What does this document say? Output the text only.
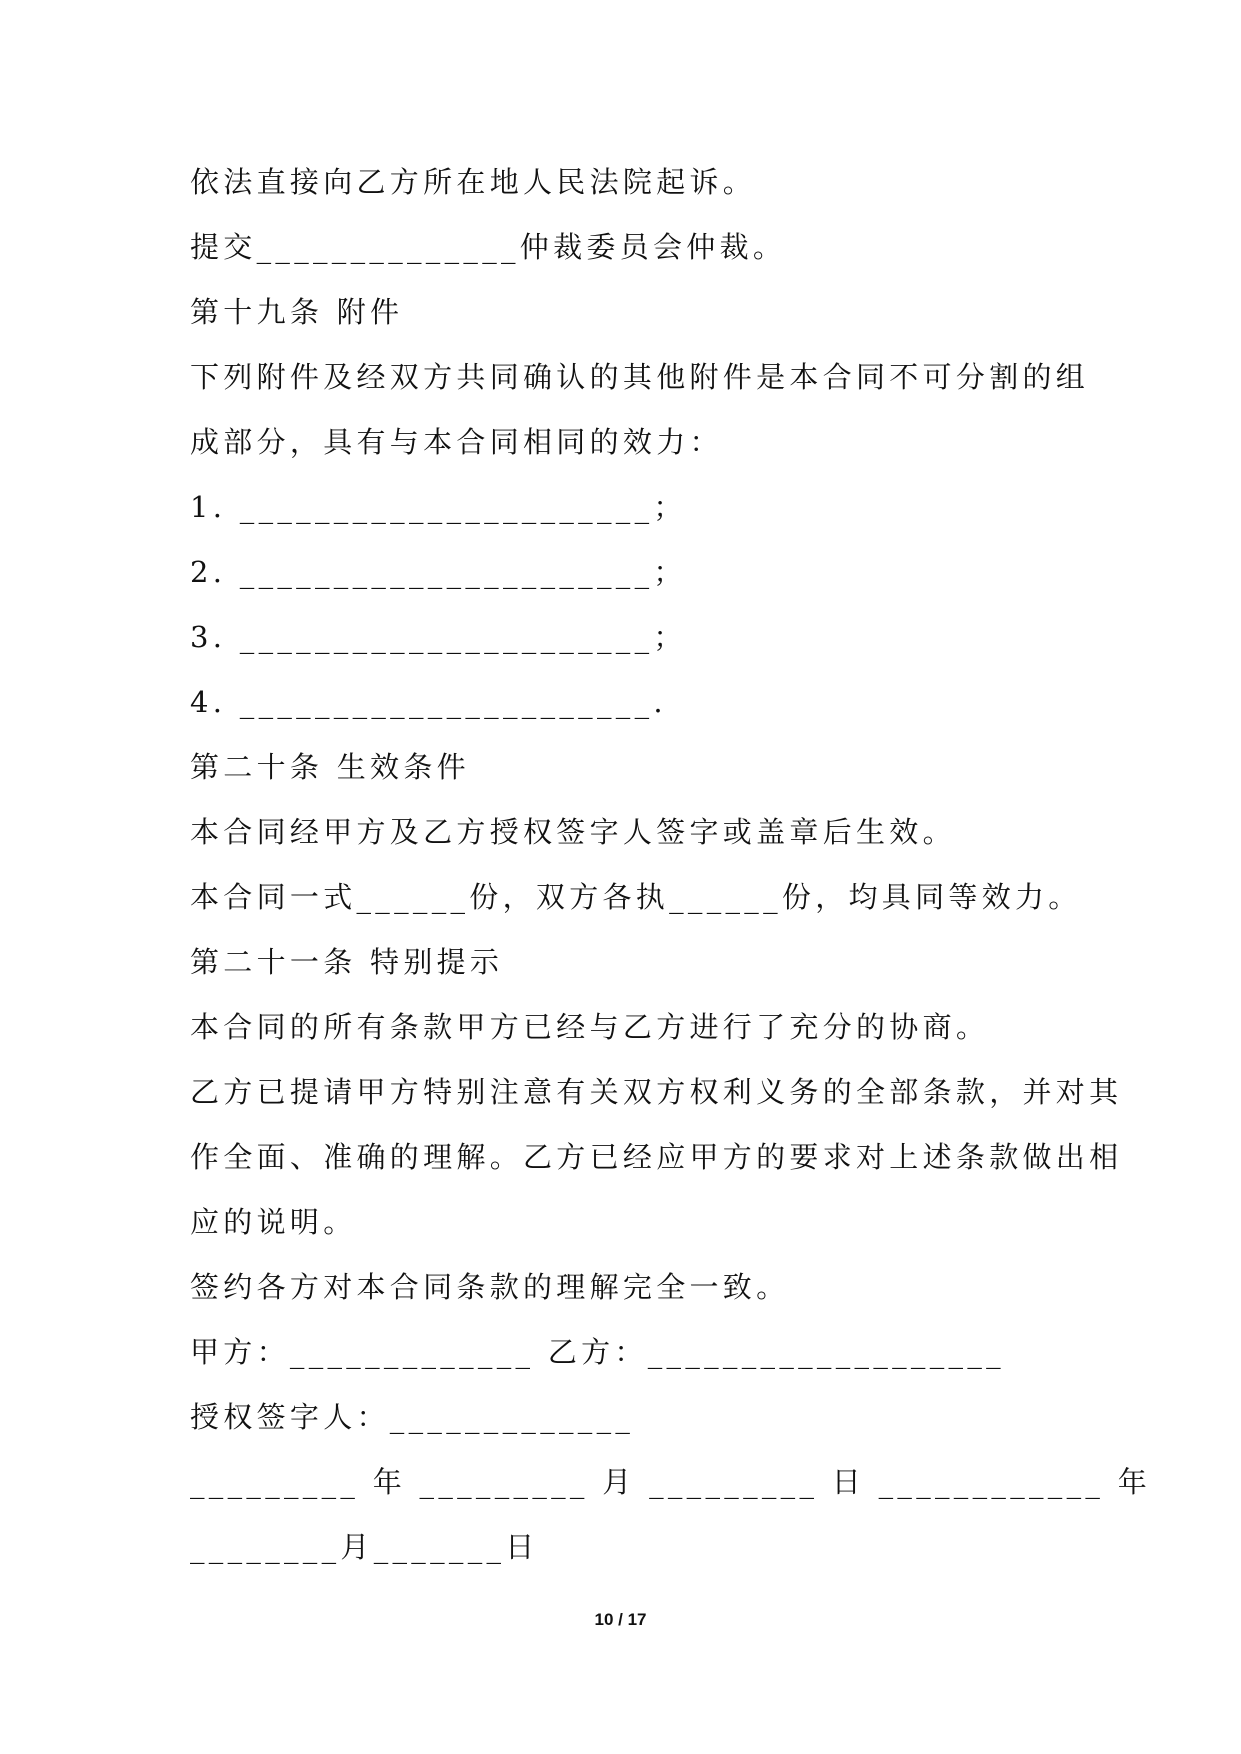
依法直接向乙方所在地人民法院起诉。
提交______________仲裁委员会仲裁。
第十九条 附件
下列附件及经双方共同确认的其他附件是本合同不可分割的组
成部分，具有与本合同相同的效力：
1. ______________________；
2. ______________________；
3. ______________________；
4. ______________________.
第二十条 生效条件
本合同经甲方及乙方授权签字人签字或盖章后生效。
本合同一式______份，双方各执______份，均具同等效力。
第二十一条 特别提示
本合同的所有条款甲方已经与乙方进行了充分的协商。
乙方已提请甲方特别注意有关双方权利义务的全部条款，并对其
作全面、准确的理解。乙方已经应甲方的要求对上述条款做出相
应的说明。
签约各方对本合同条款的理解完全一致。
甲方：_____________ 乙方：___________________
授权签字人：_____________
_________ 年 _________ 月 _________ 日 ____________ 年
________月_______日
10 / 17
